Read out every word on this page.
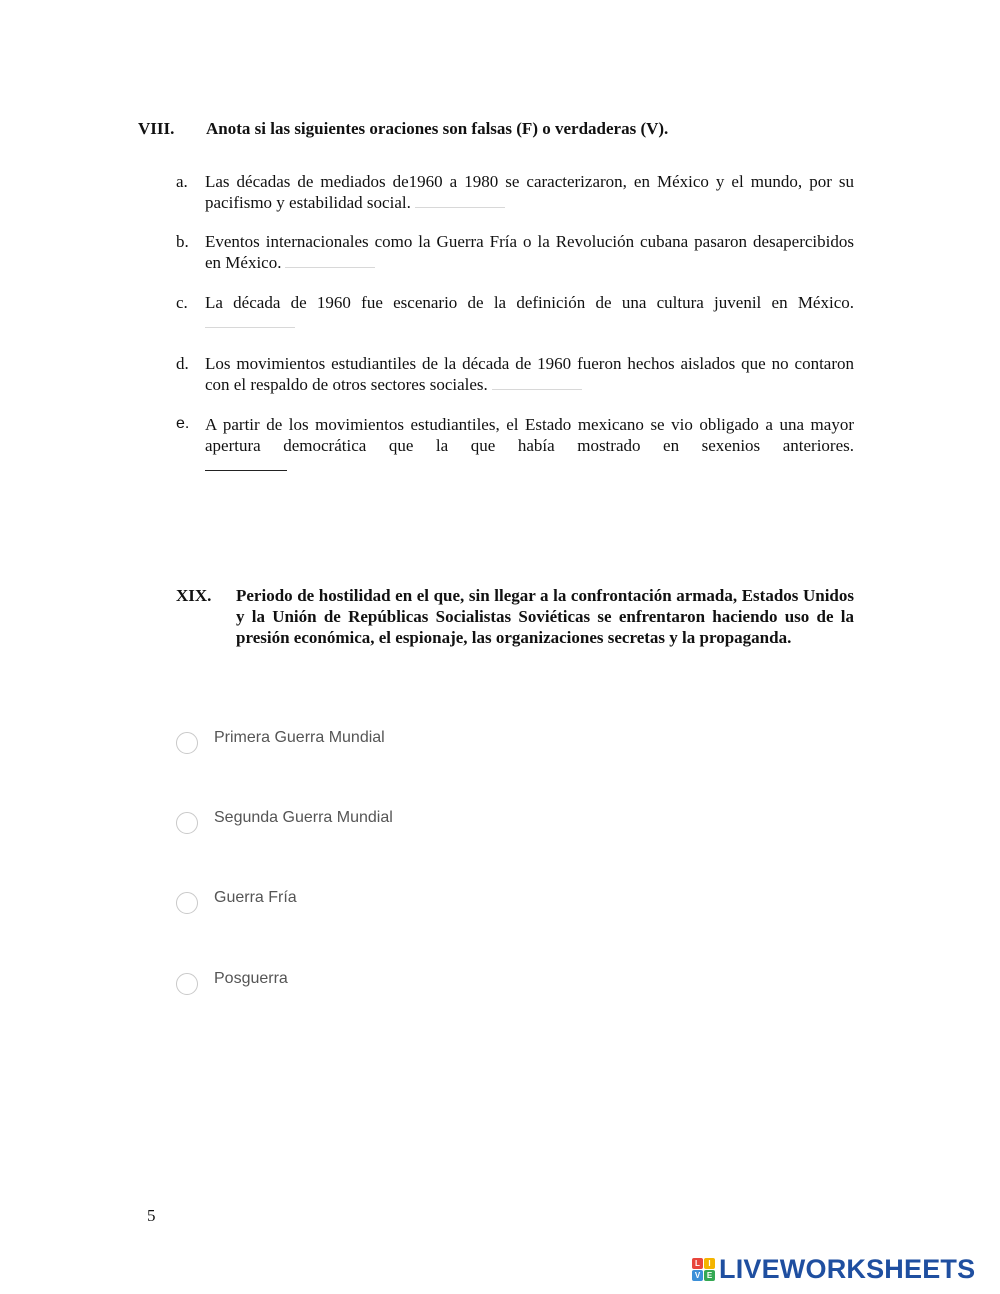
VIII. Anota si las siguientes oraciones son falsas (F) o verdaderas (V).
a.	Las décadas de mediados de1960 a 1980 se caracterizaron, en México y el mundo, por su pacifismo y estabilidad social.
b. Eventos internacionales como la Guerra Fría o la Revolución cubana pasaron desapercibidos en México.
c.	La década de 1960 fue escenario de la definición de una cultura juvenil en México.
d. Los movimientos estudiantiles de la década de 1960 fueron hechos aislados que no contaron con el respaldo de otros sectores sociales.
e. A partir de los movimientos estudiantiles, el Estado mexicano se vio obligado a una mayor apertura democrática que la que había mostrado en sexenios anteriores.
XIX. Periodo de hostilidad en el que, sin llegar a la confrontación armada, Estados Unidos y la Unión de Repúblicas Socialistas Soviéticas se enfrentaron haciendo uso de la presión económica, el espionaje, las organizaciones secretas y la propaganda.
Primera Guerra Mundial
Segunda Guerra Mundial
Guerra Fría
Posguerra
5
L	I
V E LIVEWORKSHEETS
